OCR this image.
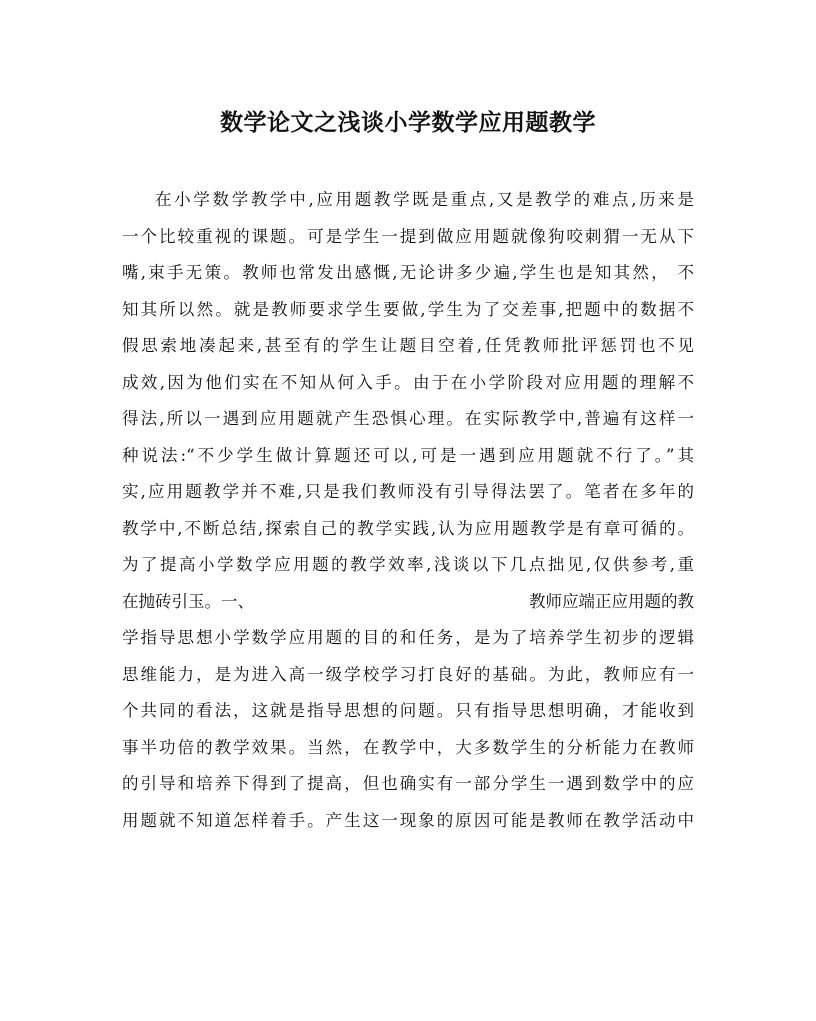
数学论文之浅谈小学数学应用题教学
在小学数学教学中,应用题教学既是重点,又是教学的难点,历来是
一个比较重视的课题。可是学生一提到做应用题就像狗咬刺猬一无从下
嘴,束手无策。教师也常发出感慨,无论讲多少遍,学生也是知其然， 不
知其所以然。就是教师要求学生要做,学生为了交差事,把题中的数据不
假思索地凑起来,甚至有的学生让题目空着,任凭教师批评惩罚也不见
成效,因为他们实在不知从何入手。由于在小学阶段对应用题的理解不
得法,所以一遇到应用题就产生恐惧心理。在实际教学中,普遍有这样一
种说法:“不少学生做计算题还可以,可是一遇到应用题就不行了。”其
实,应用题教学并不难,只是我们教师没有引导得法罢了。笔者在多年的
教学中,不断总结,探索自己的教学实践,认为应用题教学是有章可循的。
为了提高小学数学应用题的教学效率,浅谈以下几点拙见,仅供参考,重
在抛砖引玉。一、	教师应端正应用题的教
学指导思想小学数学应用题的目的和任务，是为了培养学生初步的逻辑
思维能力，是为进入高一级学校学习打良好的基础。为此，教师应有一
个共同的看法，这就是指导思想的问题。只有指导思想明确，才能收到
事半功倍的教学效果。当然，在教学中，大多数学生的分析能力在教师
的引导和培养下得到了提高，但也确实有一部分学生一遇到数学中的应
用题就不知道怎样着手。产生这一现象的原因可能是教师在教学活动中
